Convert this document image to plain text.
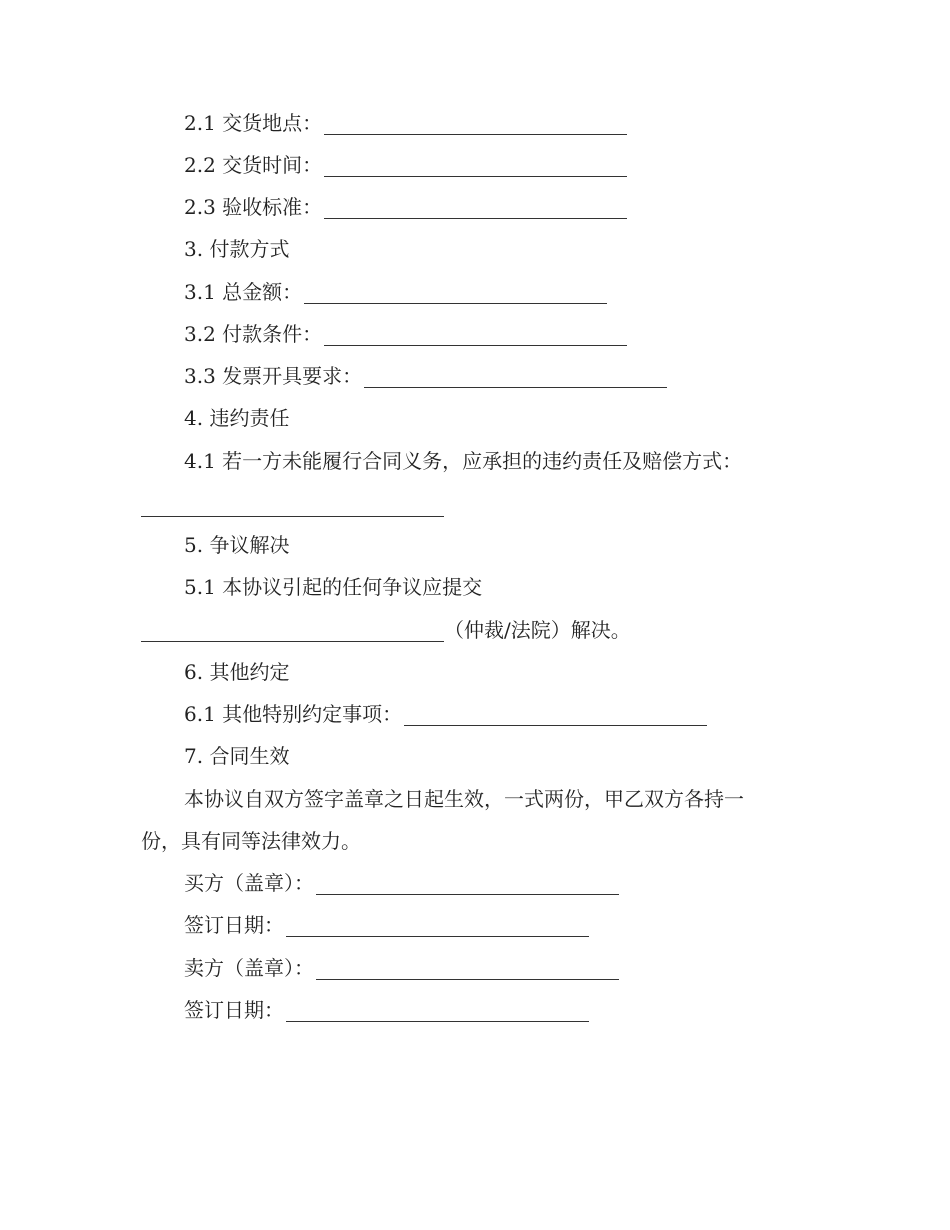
2.1 交货地点：
2.2 交货时间：
2.3 验收标准：
3. 付款方式
3.1 总金额：
3.2 付款条件：
3.3 发票开具要求：
4. 违约责任
4.1 若一方未能履行合同义务，应承担的违约责任及赔偿方式：
5. 争议解决
5.1 本协议引起的任何争议应提交
（仲裁/法院）解决。
6. 其他约定
6.1 其他特别约定事项：
7. 合同生效
本协议自双方签字盖章之日起生效，一式两份，甲乙双方各持一
份，具有同等法律效力。
买方（盖章）：
签订日期：
卖方（盖章）：
签订日期：
